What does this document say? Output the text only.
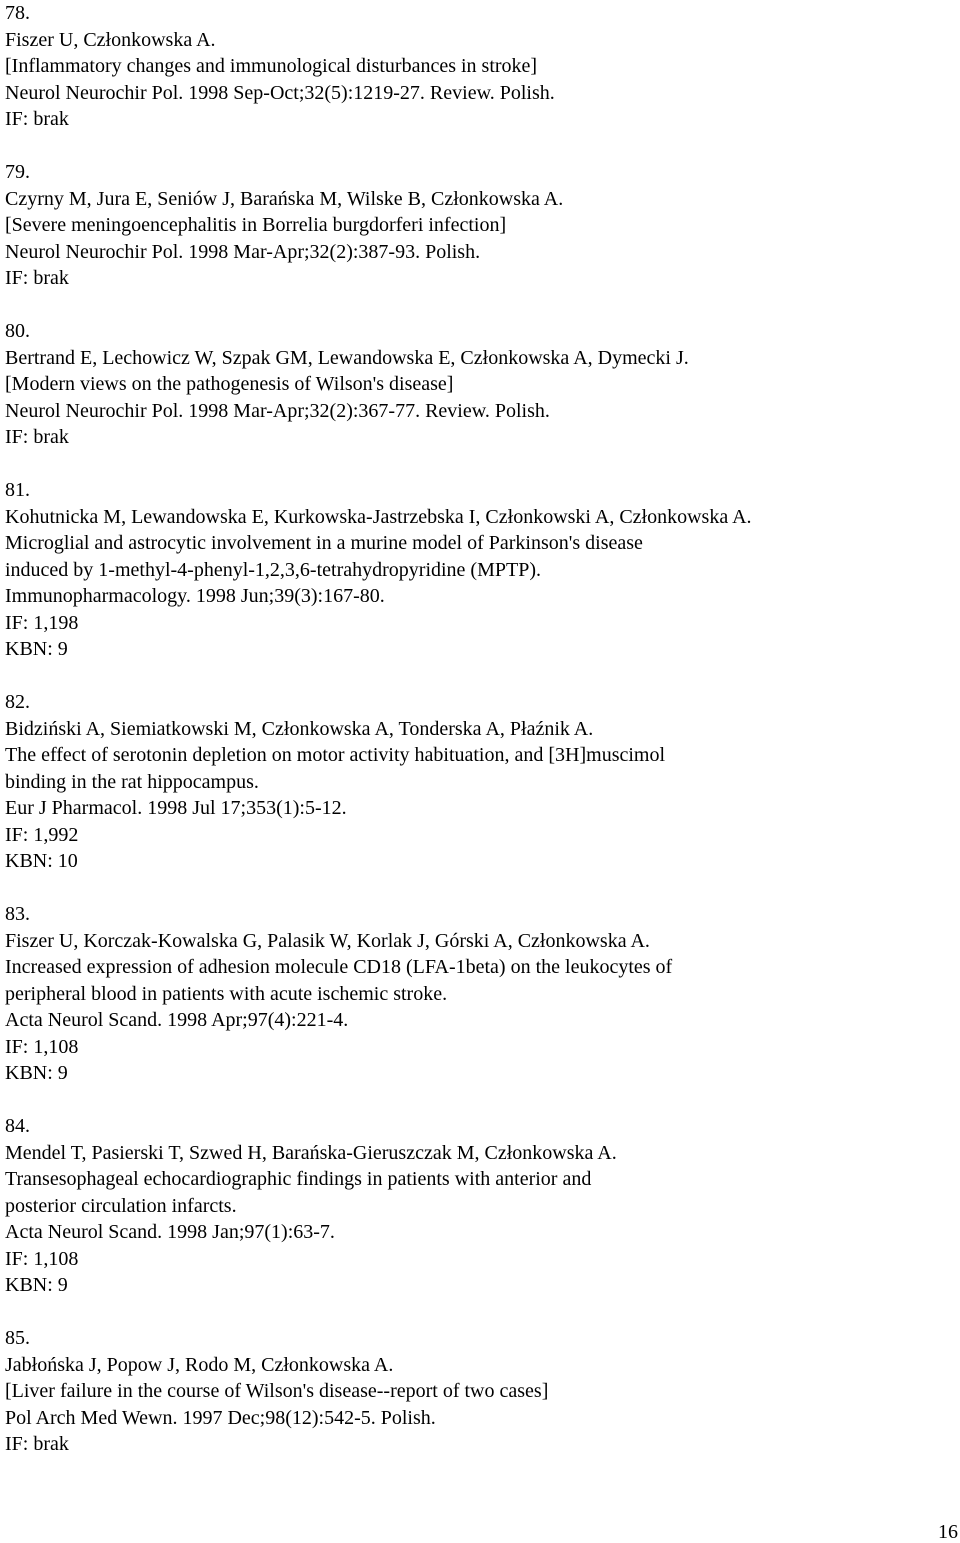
78.
Fiszer U, Członkowska A.
[Inflammatory changes and immunological disturbances in stroke]
Neurol Neurochir Pol. 1998 Sep-Oct;32(5):1219-27. Review. Polish.
IF: brak
79.
Czyrny M, Jura E, Seniów J, Barańska M, Wilske B, Członkowska A.
[Severe meningoencephalitis in Borrelia burgdorferi infection]
Neurol Neurochir Pol. 1998 Mar-Apr;32(2):387-93. Polish.
IF: brak
80.
Bertrand E, Lechowicz W, Szpak GM, Lewandowska E, Członkowska A, Dymecki J.
[Modern views on the pathogenesis of Wilson's disease]
Neurol Neurochir Pol. 1998 Mar-Apr;32(2):367-77. Review. Polish.
IF: brak
81.
Kohutnicka M, Lewandowska E, Kurkowska-Jastrzebska I, Członkowski A, Członkowska A.
Microglial and astrocytic involvement in a murine model of Parkinson's disease
induced by 1-methyl-4-phenyl-1,2,3,6-tetrahydropyridine (MPTP).
Immunopharmacology. 1998 Jun;39(3):167-80.
IF: 1,198
KBN: 9
82.
Bidziński A, Siemiatkowski M, Członkowska A, Tonderska A, Płaźnik A.
The effect of serotonin depletion on motor activity habituation, and [3H]muscimol
binding in the rat hippocampus.
Eur J Pharmacol. 1998 Jul 17;353(1):5-12.
IF: 1,992
KBN: 10
83.
Fiszer U, Korczak-Kowalska G, Palasik W, Korlak J, Górski A, Członkowska A.
Increased expression of adhesion molecule CD18 (LFA-1beta) on the leukocytes of
peripheral blood in patients with acute ischemic stroke.
Acta Neurol Scand. 1998 Apr;97(4):221-4.
IF: 1,108
KBN: 9
84.
Mendel T, Pasierski T, Szwed H, Barańska-Gieruszczak M, Członkowska A.
Transesophageal echocardiographic findings in patients with anterior and
posterior circulation infarcts.
Acta Neurol Scand. 1998 Jan;97(1):63-7.
IF: 1,108
KBN: 9
85.
Jabłońska J, Popow J, Rodo M, Członkowska A.
[Liver failure in the course of Wilson's disease--report of two cases]
Pol Arch Med Wewn. 1997 Dec;98(12):542-5. Polish.
IF: brak
16
